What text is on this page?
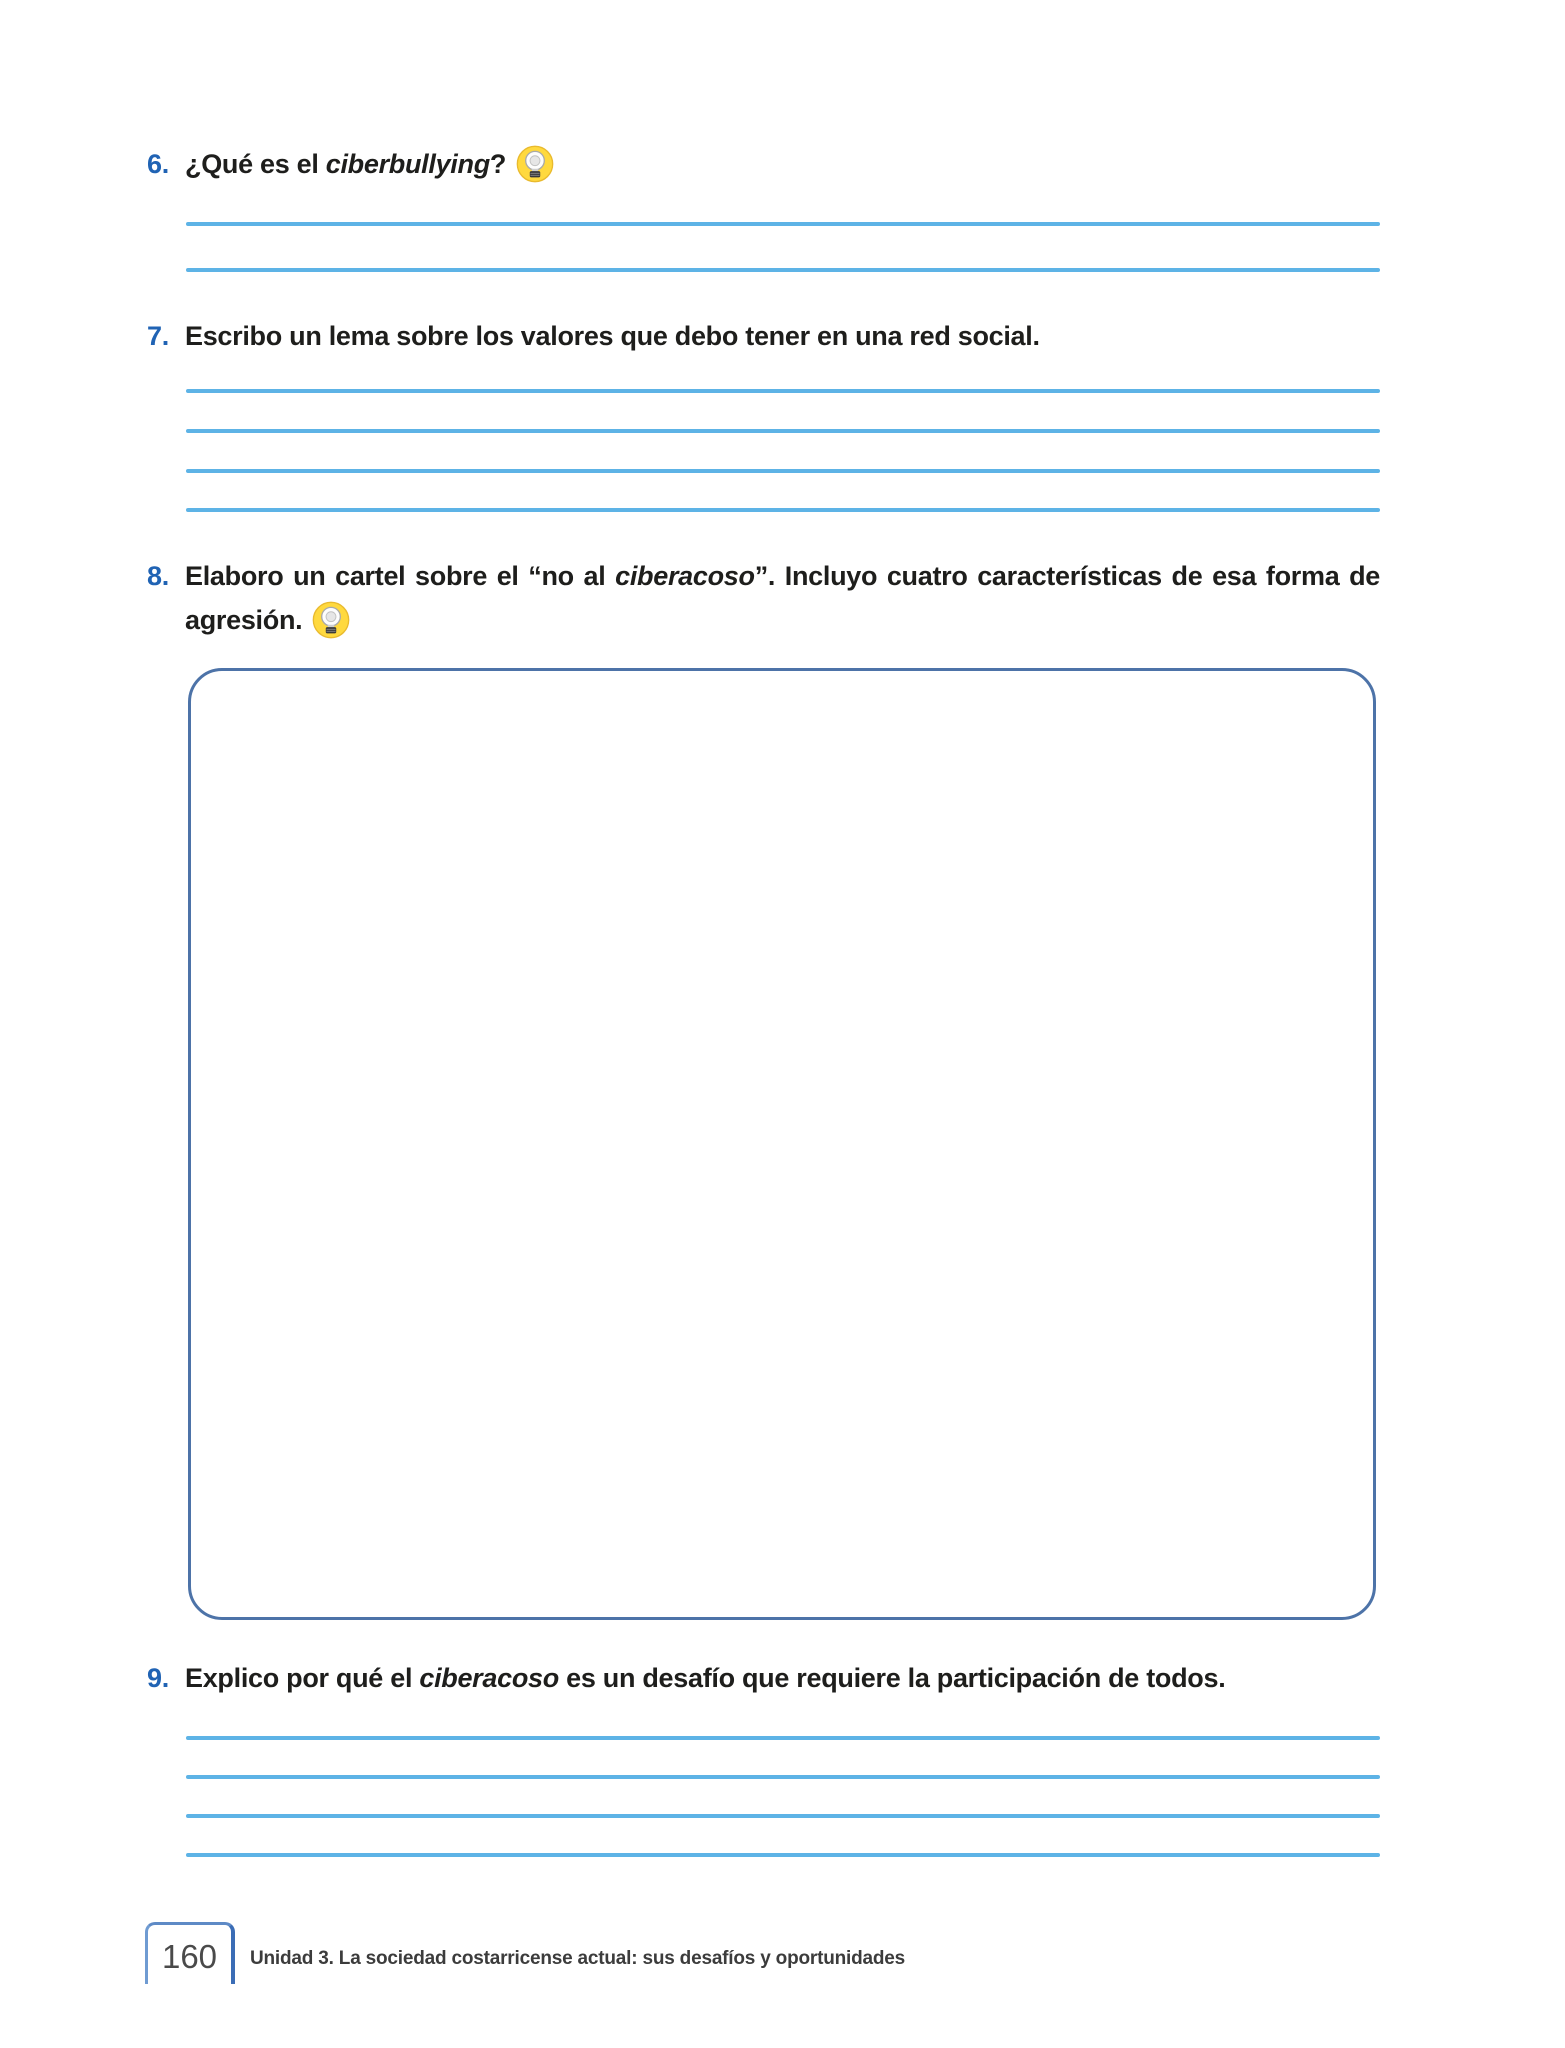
6. ¿Qué es el ciberbullying?
7. Escribo un lema sobre los valores que debo tener en una red social.
8. Elaboro un cartel sobre el “no al ciberacoso”. Incluyo cuatro características de esa forma de agresión.
9. Explico por qué el ciberacoso es un desafío que requiere la participación de todos.
160	Unidad 3. La sociedad costarricense actual: sus desafíos y oportunidades
